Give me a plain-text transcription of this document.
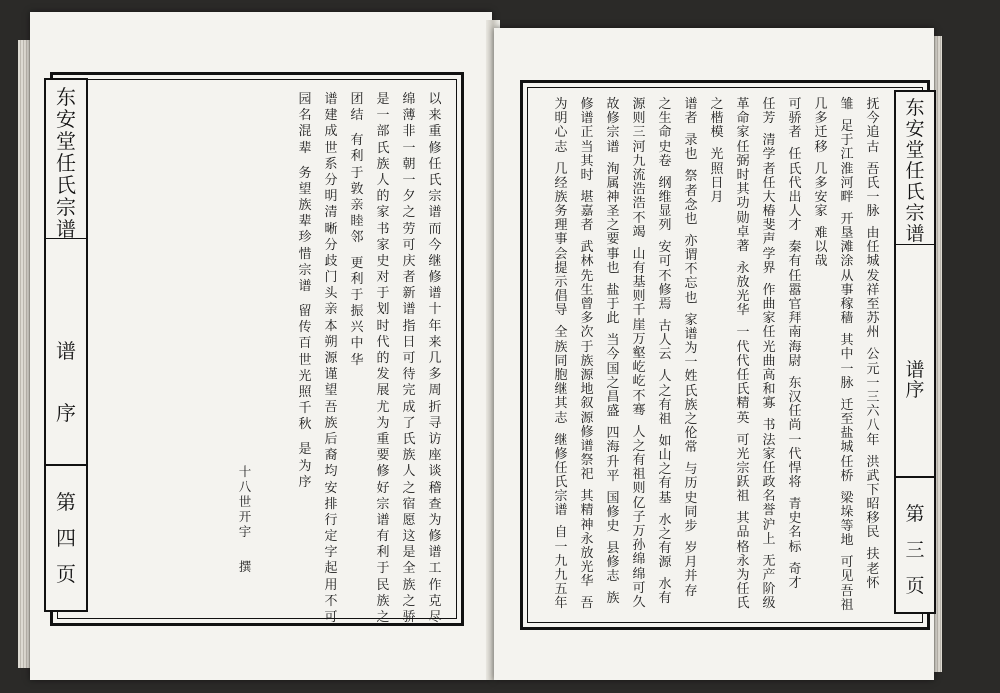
东
安
堂
任
氏
宗
谱
谱
序
第
四
页
以
来
重
修
任
氏
宗
谱
而
今
继
修
谱
十
年
来
几
多
周
折
寻
访
座
谈
稽
查
为
修
谱
工
作
克
尽
绵
薄
非
一
朝
一
夕
之
劳
可
庆
者
新
谱
指
日
可
待
完
成
了
氏
族
人
之
宿
愿
这
是
全
族
之
骄
是
一
部
氏
族
人
的
家
书
家
史
对
于
划
时
代
的
发
展
尤
为
重
要
修
好
宗
谱
有
利
于
民
族
之
团
结
有
利
于
敦
亲
睦
邻
更
利
于
振
兴
中
华
谱
建
成
世
系
分
明
清
晰
分
歧
门
头
亲
本
朔
源
谨
望
吾
族
后
裔
均
安
排
行
定
字
起
用
不
可
园
名
混
辈
务
望
族
辈
珍
惜
宗
谱
留
传
百
世
光
照
千
秋
是
为
序
十
八
世
开
宇
撰
东
安
堂
任
氏
宗
谱
谱
序
第
三
页
抚
今
追
古
吾
氏
一
脉
由
任
城
发
祥
至
苏
州
公
元
一
三
六
八
年
洪
武
下
昭
移
民
扶
老
怀
雏
足
于
江
淮
河
畔
开
垦
滩
涂
从
事
稼
穑
其
中
一
脉
迁
至
盐
城
任
桥
梁
垛
等
地
可
见
吾
祖
几
多
迁
移
几
多
安
家
难
以
哉
可
骄
者
任
氏
代
出
人
才
秦
有
任
嚣
官
拜
南
海
尉
东
汉
任
尚
一
代
悍
将
青
史
名
标
奇
才
任
芳
清
学
者
任
大
椿
斐
声
学
界
作
曲
家
任
光
曲
高
和
寡
书
法
家
任
政
名
誉
沪
上
无
产
阶
级
革
命
家
任
弼
时
其
功
勋
卓
著
永
放
光
华
一
代
代
任
氏
精
英
可
光
宗
跃
祖
其
品
格
永
为
任
氏
之
楷
模
光
照
日
月
谱
者
录
也
祭
者
念
也
亦
谓
不
忘
也
家
谱
为
一
姓
氏
族
之
伦
常
与
历
史
同
步
岁
月
并
存
之
生
命
史
卷
纲
维
显
列
安
可
不
修
焉
古
人
云
人
之
有
祖
如
山
之
有
基
水
之
有
源
水
有
源
则
三
河
九
流
浩
浩
不
竭
山
有
基
则
千
崖
万
壑
屹
屹
不
骞
人
之
有
祖
则
亿
子
万
孙
绵
绵
可
久
故
修
宗
谱
洵
属
神
圣
之
要
事
也
盐
于
此
当
今
国
之
昌
盛
四
海
升
平
国
修
史
县
修
志
族
修
谱
正
当
其
时
堪
嘉
者
武
林
先
生
曾
多
次
于
族
源
地
叙
源
修
谱
祭
祀
其
精
神
永
放
光
华
吾
为
明
心
志
几
经
族
务
理
事
会
提
示
倡
导
全
族
同
胞
继
其
志
继
修
任
氏
宗
谱
自
一
九
九
五
年
